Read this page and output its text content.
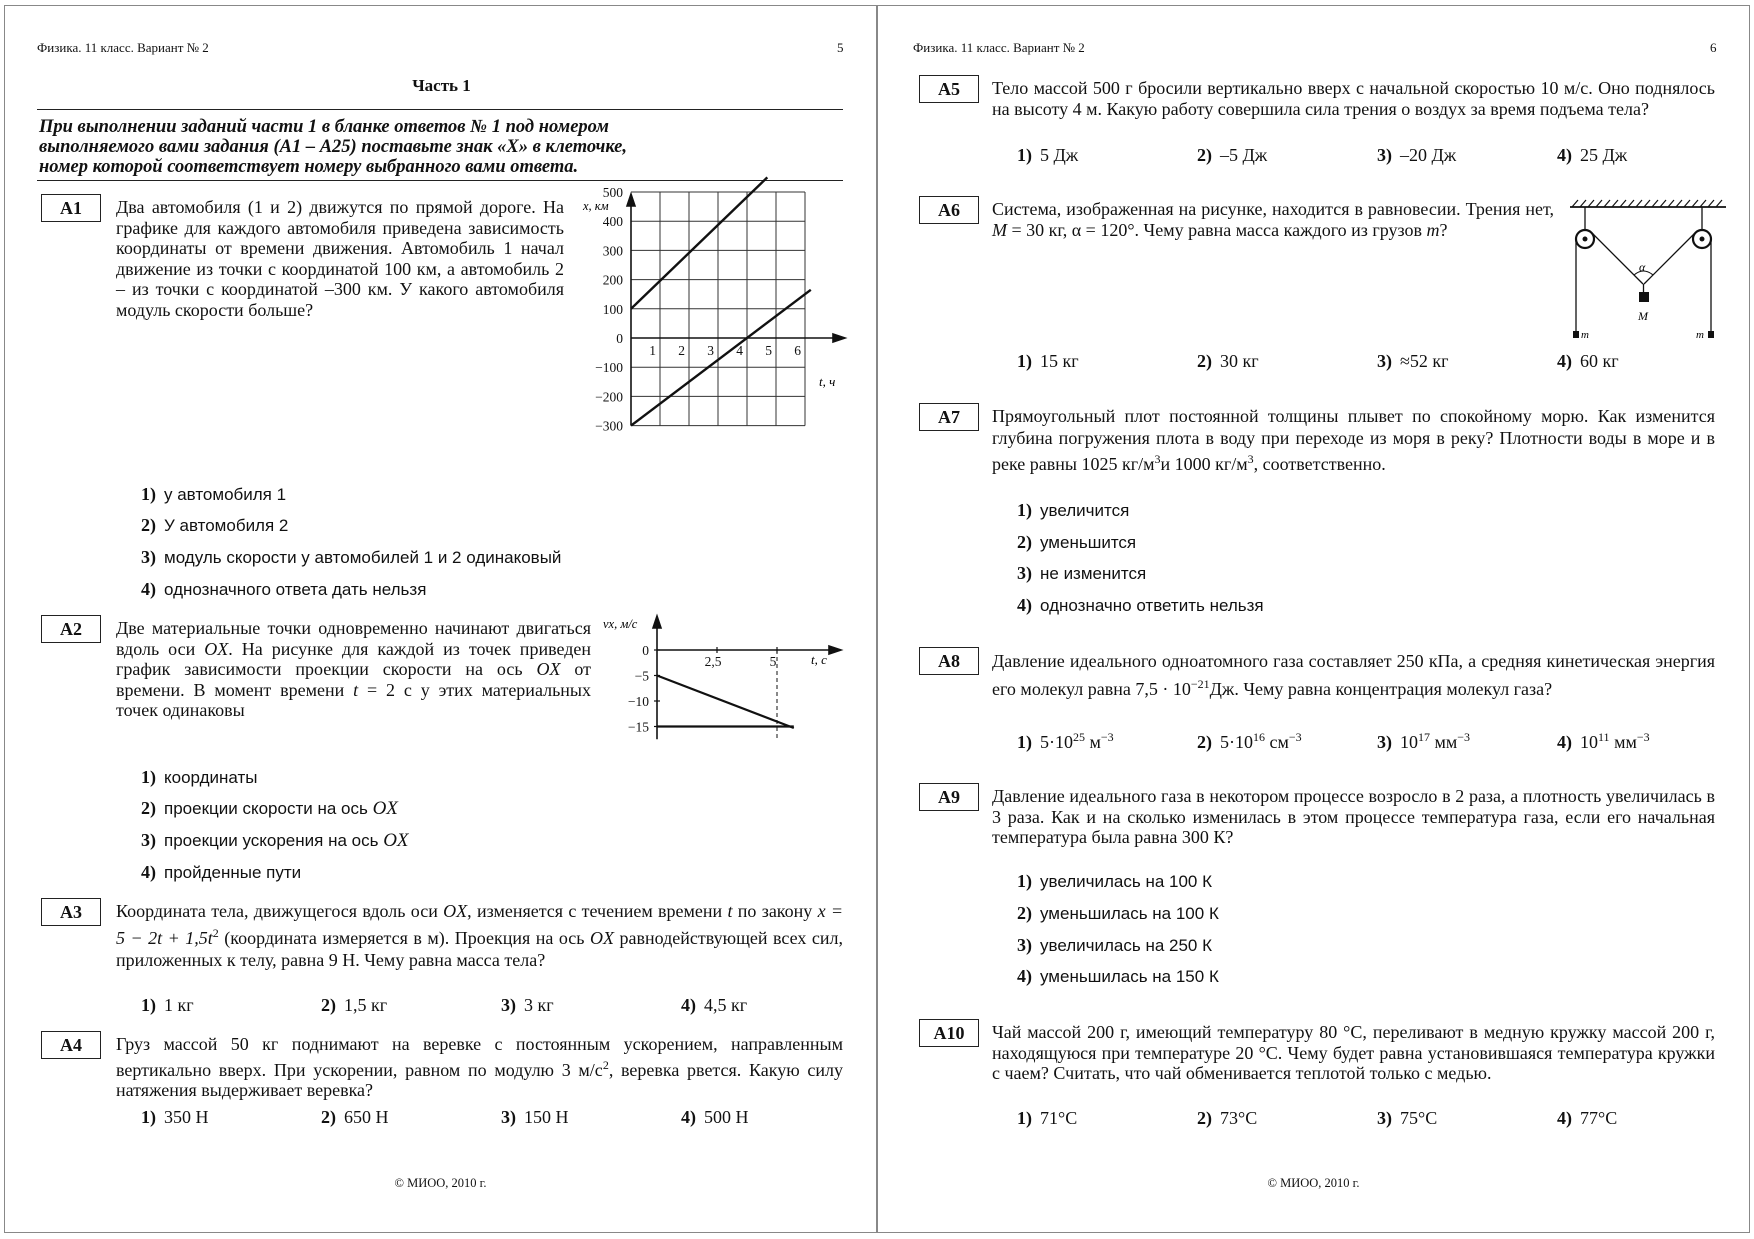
Физика. 11 класс. Вариант № 2	5
Часть 1
При выполнении заданий части 1 в бланке ответов № 1 под номером
выполняемого вами задания (А1 – А25) поставьте знак «X» в клеточке,
номер которой соответствует номеру выбранного вами ответа.
А1	Два автомобиля (1 и 2) движутся по прямой дороге. На графике для каждого автомобиля приведена зависимость координаты от времени движения. Автомобиль 1 начал движение из точки с координатой 100 км, а автомобиль 2 – из точки с координатой –300 км. У какого автомобиля модуль скорости больше?
500
400
300
200
100
0
−100
−200
−300
1 2 3 4 5 6
x, км
t, ч
1) у автомобиля 1
2) У автомобиля 2
3) модуль скорости у автомобилей 1 и 2 одинаковый
4) однозначного ответа дать нельзя
А2	Две материальные точки одновременно начинают двигаться вдоль оси OX. На рисунке для каждой из точек приведен график зависимости проекции скорости на ось OX от времени. В момент времени t = 2 с у этих материальных точек одинаковы
0
−5
−10
−15
2,5	5
vx, м/с
t, с
1) координаты
2) проекции скорости на ось OX
3) проекции ускорения на ось OX
4) пройденные пути
А3	Координата тела, движущегося вдоль оси OX, изменяется с течением времени t по закону $x = 5 - 2t + 1,5t^2$ (координата измеряется в м). Проекция на ось OX равнодействующей всех сил, приложенных к телу, равна 9 Н. Чему равна масса тела?
1) 1 кг	2) 1,5 кг	3) 3 кг	4) 4,5 кг
А4	Груз массой 50 кг поднимают на веревке с постоянным ускорением, направленным вертикально вверх. При ускорении, равном по модулю 3 $м/с^2$, веревка рвется. Какую силу натяжения выдерживает веревка?
1) 350 Н	2) 650 Н	3) 150 Н	4) 500 Н
© МИОО, 2010 г.
Физика. 11 класс. Вариант № 2	6
А5	Тело массой 500 г бросили вертикально вверх с начальной скоростью 10 м/с. Оно поднялось на высоту 4 м. Какую работу совершила сила трения о воздух за время подъема тела?
1) 5 Дж	2) –5 Дж	3) –20 Дж	4) 25 Дж
А6	Система, изображенная на рисунке, находится в равновесии. Трения нет, M = 30 кг, α = 120°. Чему равна масса каждого из грузов m?
α
M
m	m
1) 15 кг	2) 30 кг	3) ≈52 кг	4) 60 кг
А7	Прямоугольный плот постоянной толщины плывет по спокойному морю. Как изменится глубина погружения плота в воду при переходе из моря в реку? Плотности воды в море и в реке равны 1025 $кг/м^3и$ 1000 $кг/м^3$, соответственно.
1) увеличится
2) уменьшится
3) не изменится
4) однозначно ответить нельзя
А8	Давление идеального одноатомного газа составляет 250 кПа, а средняя кинетическая энергия его молекул равна $7,5 \cdot 10^{-21}Дж$. Чему равна концентрация молекул газа?
1) $5\cdot 10^{25}$ $м^{-3}$	2) $5\cdot 10^{16}$ $см^{-3}$	3) $10^{17}$ $мм^{-3}$	4) $10^{11}$ $мм^{-3}$
А9	Давление идеального газа в некотором процессе возросло в 2 раза, а плотность увеличилась в 3 раза. Как и на сколько изменилась в этом процессе температура газа, если его начальная температура была равна 300 К?
1) увеличилась на 100 К
2) уменьшилась на 100 К
3) увеличилась на 250 К
4) уменьшилась на 150 К
А10	Чай массой 200 г, имеющий температуру 80 °С, переливают в медную кружку массой 200 г, находящуюся при температуре 20 °С. Чему будет равна установившаяся температура кружки с чаем? Считать, что чай обменивается теплотой только с медью.
1) 71°С	2) 73°С	3) 75°С	4) 77°С
© МИОО, 2010 г.
